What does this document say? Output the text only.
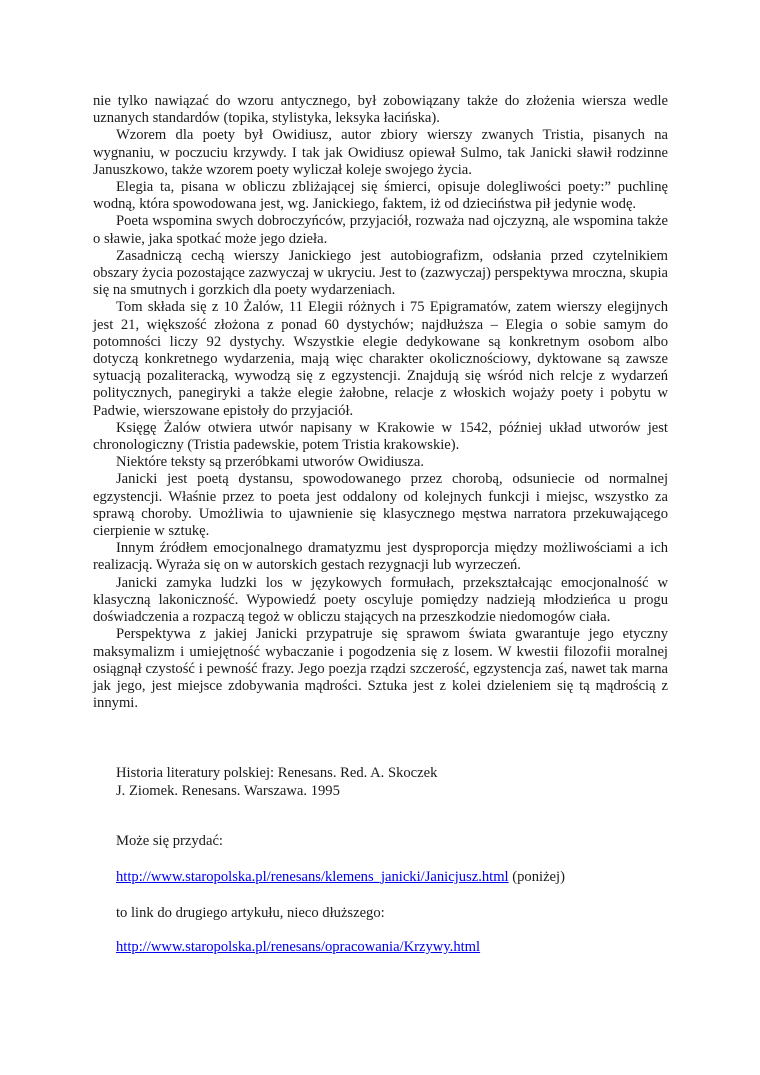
nie tylko nawiązać do wzoru antycznego, był zobowiązany także do złożenia wiersza wedle uznanych standardów (topika, stylistyka, leksyka łacińska).

Wzorem dla poety był Owidiusz, autor zbiory wierszy zwanych Tristia, pisanych na wygnaniu, w poczuciu krzywdy. I tak jak Owidiusz opiewał Sulmo, tak Janicki sławił rodzinne Januszkowo, także wzorem poety wyliczał koleje swojego życia.

Elegia ta, pisana w obliczu zbliżającej się śmierci, opisuje dolegliwości poety:” puchlinę wodną, która spowodowana jest, wg. Janickiego, faktem, iż od dzieciństwa pił jedynie wodę.

Poeta wspomina swych dobroczyńców, przyjaciół, rozważa nad ojczyzną, ale wspomina także o sławie, jaka spotkać może jego dzieła.

Zasadniczą cechą wierszy Janickiego jest autobiografizm, odsłania przed czytelnikiem obszary życia pozostające zazwyczaj w ukryciu. Jest to (zazwyczaj) perspektywa mroczna, skupia się na smutnych i gorzkich dla poety wydarzeniach.

Tom składa się z 10 Żalów, 11 Elegii różnych i 75 Epigramatów, zatem wierszy elegijnych jest 21, większość złożona z ponad 60 dystychów; najdłuższa – Elegia o sobie samym do potomności liczy 92 dystychy. Wszystkie elegie dedykowane są konkretnym osobom albo dotyczą konkretnego wydarzenia, mają więc charakter okolicznościowy, dyktowane są zawsze sytuacją pozaliteracką, wywodzą się z egzystencji. Znajdują się wśród nich relcje z wydarzeń politycznych, panegiryki a także elegie żałobne, relacje z włoskich wojaży poety i pobytu w Padwie, wierszowane epistoły do przyjaciół.

Księgę Żalów otwiera utwór napisany w Krakowie w 1542, później układ utworów jest chronologiczny (Tristia padewskie, potem Tristia krakowskie).

Niektóre teksty są przeróbkami utworów Owidiusza.

Janicki jest poetą dystansu, spowodowanego przez chorobą, odsuniecie od normalnej egzystencji. Właśnie przez to poeta jest oddalony od kolejnych funkcji i miejsc, wszystko za sprawą choroby. Umożliwia to ujawnienie się klasycznego męstwa narratora przekuwającego cierpienie w sztukę.

Innym źródłem emocjonalnego dramatyzmu jest dysproporcja między możliwościami a ich realizacją. Wyraża się on w autorskich gestach rezygnacji lub wyrzeczeń.

Janicki zamyka ludzki los w językowych formułach, przekształcając emocjonalność w klasyczną lakoniczność. Wypowiedź poety oscyluje pomiędzy nadzieją młodzieńca u progu doświadczenia a rozpaczą tegoż w obliczu stających na przeszkodzie niedomogów ciała.

Perspektywa z jakiej Janicki przypatruje się sprawom świata gwarantuje jego etyczny maksymalizm i umiejętność wybaczanie i pogodzenia się z losem. W kwestii filozofii moralnej osiągnął czystość i pewność frazy. Jego poezja rządzi szczerość, egzystencja zaś, nawet tak marna jak jego, jest miejsce zdobywania mądrości. Sztuka jest z kolei dzieleniem się tą mądrością z innymi.

Historia literatury polskiej: Renesans. Red. A. Skoczek
J. Ziomek. Renesans. Warszawa. 1995
Może się przydać:
http://www.staropolska.pl/renesans/klemens_janicki/Janicjusz.html (poniżej)
to link do drugiego artykułu, nieco dłuższego:
http://www.staropolska.pl/renesans/opracowania/Krzywy.html
